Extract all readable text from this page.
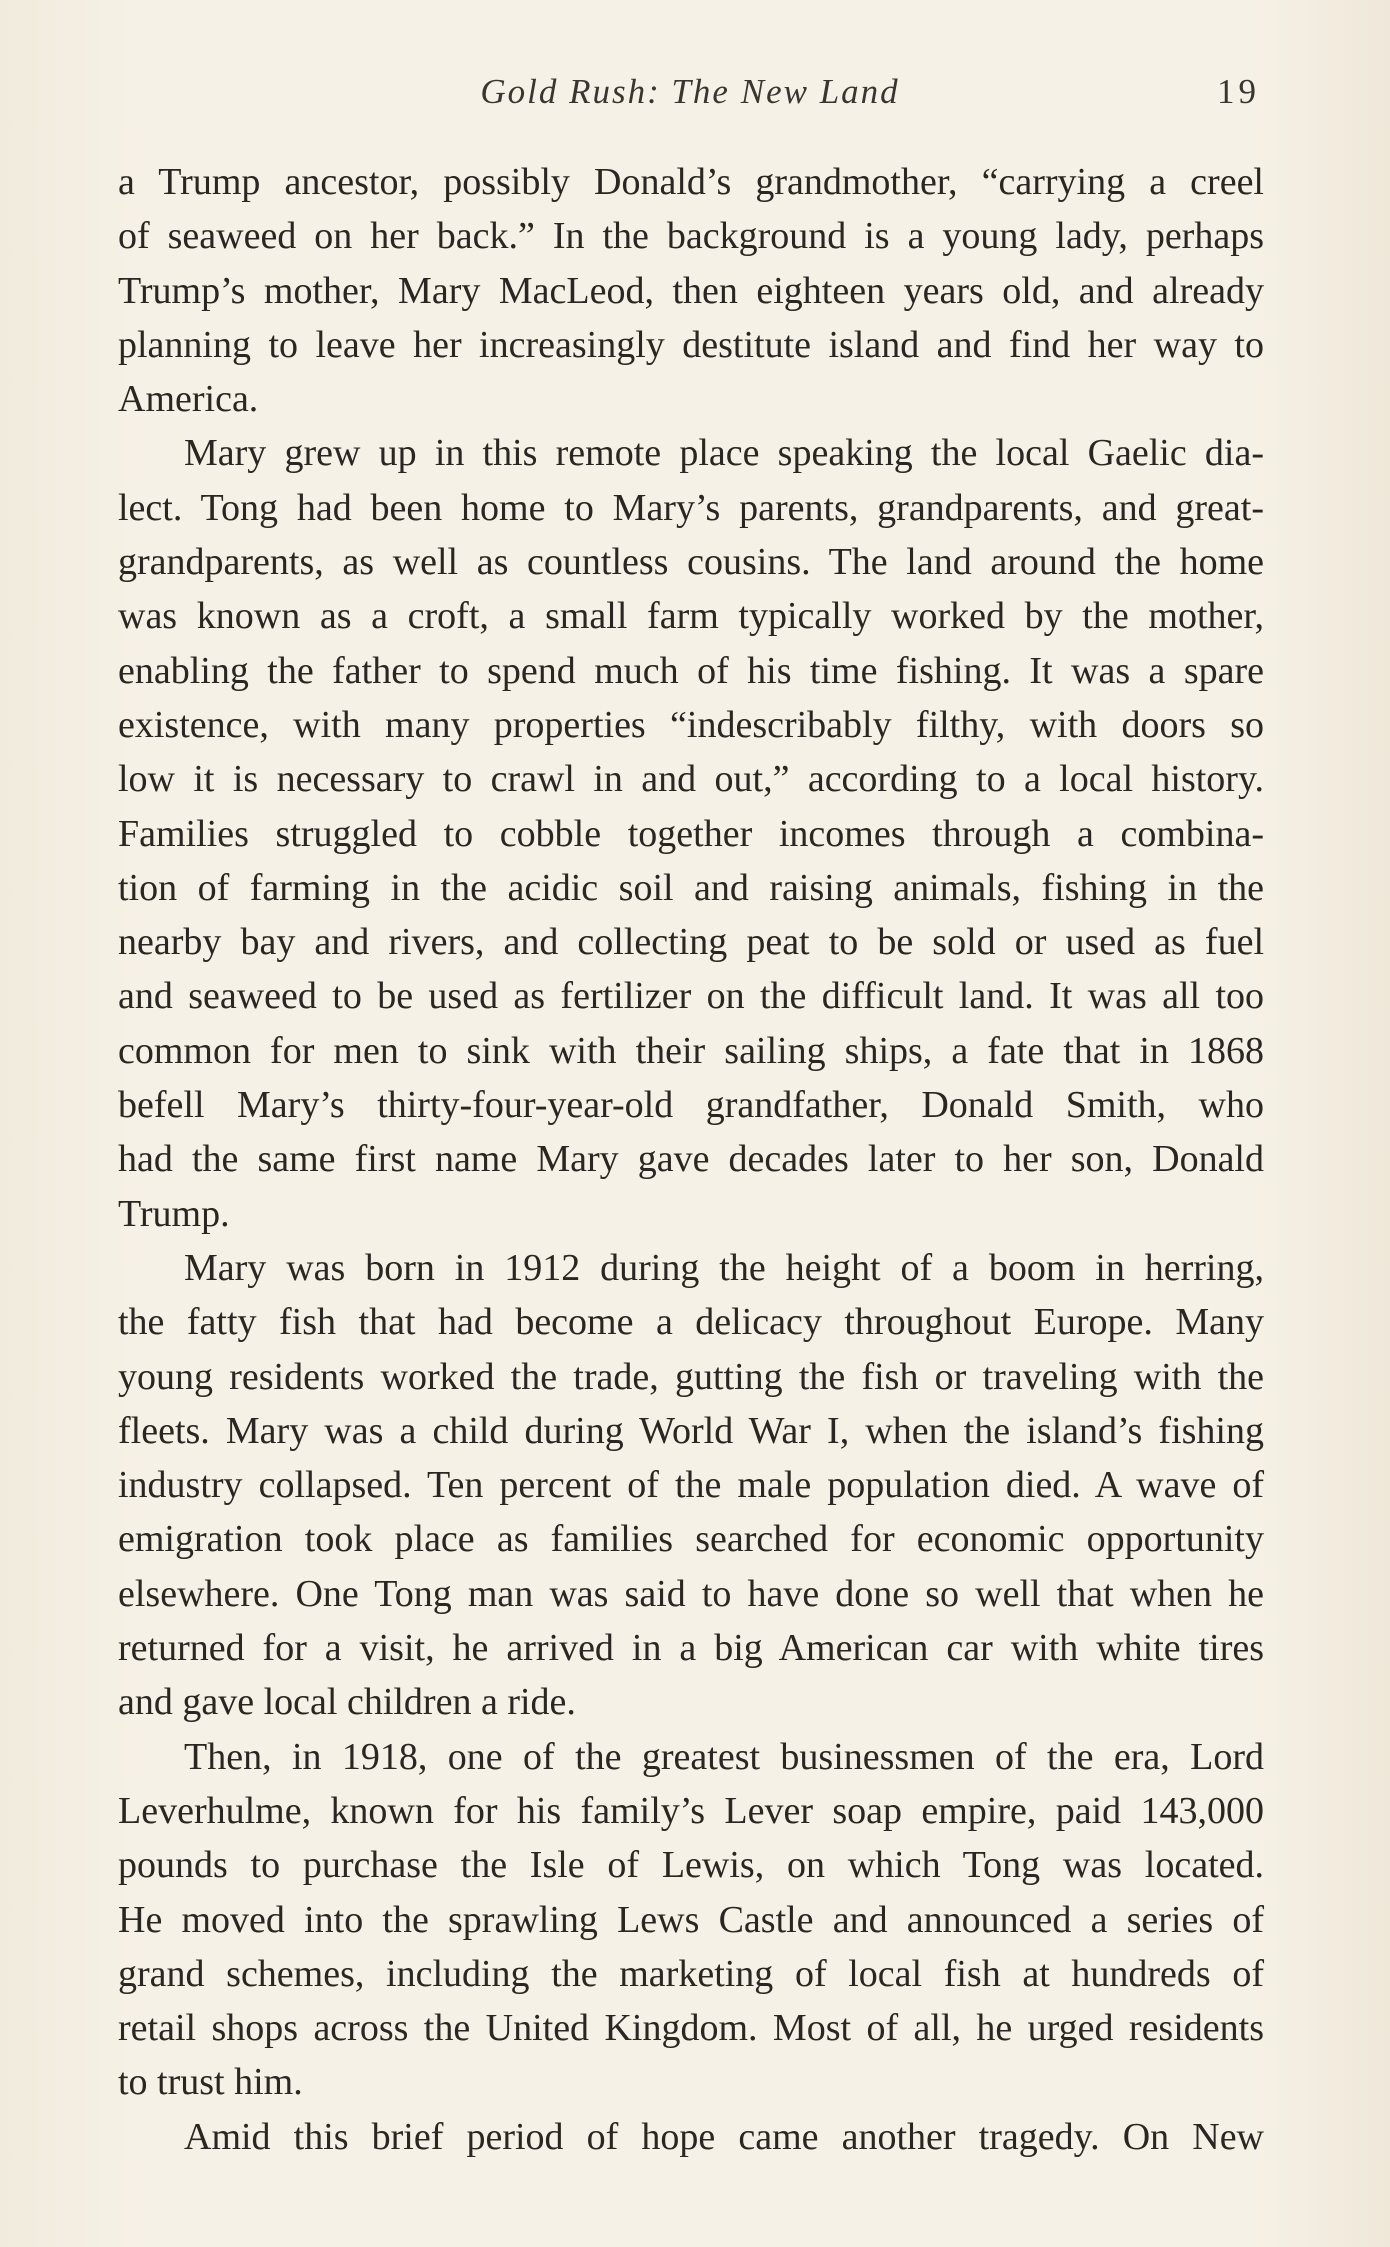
Gold Rush: The New Land	19
a Trump ancestor, possibly Donald’s grandmother, “carrying a creel
of seaweed on her back.” In the background is a young lady, perhaps
Trump’s mother, Mary MacLeod, then eighteen years old, and already
planning to leave her increasingly destitute island and find her way to
America.
Mary grew up in this remote place speaking the local Gaelic dia-
lect. Tong had been home to Mary’s parents, grandparents, and great-
grandparents, as well as countless cousins. The land around the home
was known as a croft, a small farm typically worked by the mother,
enabling the father to spend much of his time fishing. It was a spare
existence, with many properties “indescribably filthy, with doors so
low it is necessary to crawl in and out,” according to a local history.
Families struggled to cobble together incomes through a combina-
tion of farming in the acidic soil and raising animals, fishing in the
nearby bay and rivers, and collecting peat to be sold or used as fuel
and seaweed to be used as fertilizer on the difficult land. It was all too
common for men to sink with their sailing ships, a fate that in 1868
befell Mary’s thirty-four-year-old grandfather, Donald Smith, who
had the same first name Mary gave decades later to her son, Donald
Trump.
Mary was born in 1912 during the height of a boom in herring,
the fatty fish that had become a delicacy throughout Europe. Many
young residents worked the trade, gutting the fish or traveling with the
fleets. Mary was a child during World War I, when the island’s fishing
industry collapsed. Ten percent of the male population died. A wave of
emigration took place as families searched for economic opportunity
elsewhere. One Tong man was said to have done so well that when he
returned for a visit, he arrived in a big American car with white tires
and gave local children a ride.
Then, in 1918, one of the greatest businessmen of the era, Lord
Leverhulme, known for his family’s Lever soap empire, paid 143,000
pounds to purchase the Isle of Lewis, on which Tong was located.
He moved into the sprawling Lews Castle and announced a series of
grand schemes, including the marketing of local fish at hundreds of
retail shops across the United Kingdom. Most of all, he urged residents
to trust him.
Amid this brief period of hope came another tragedy. On New
